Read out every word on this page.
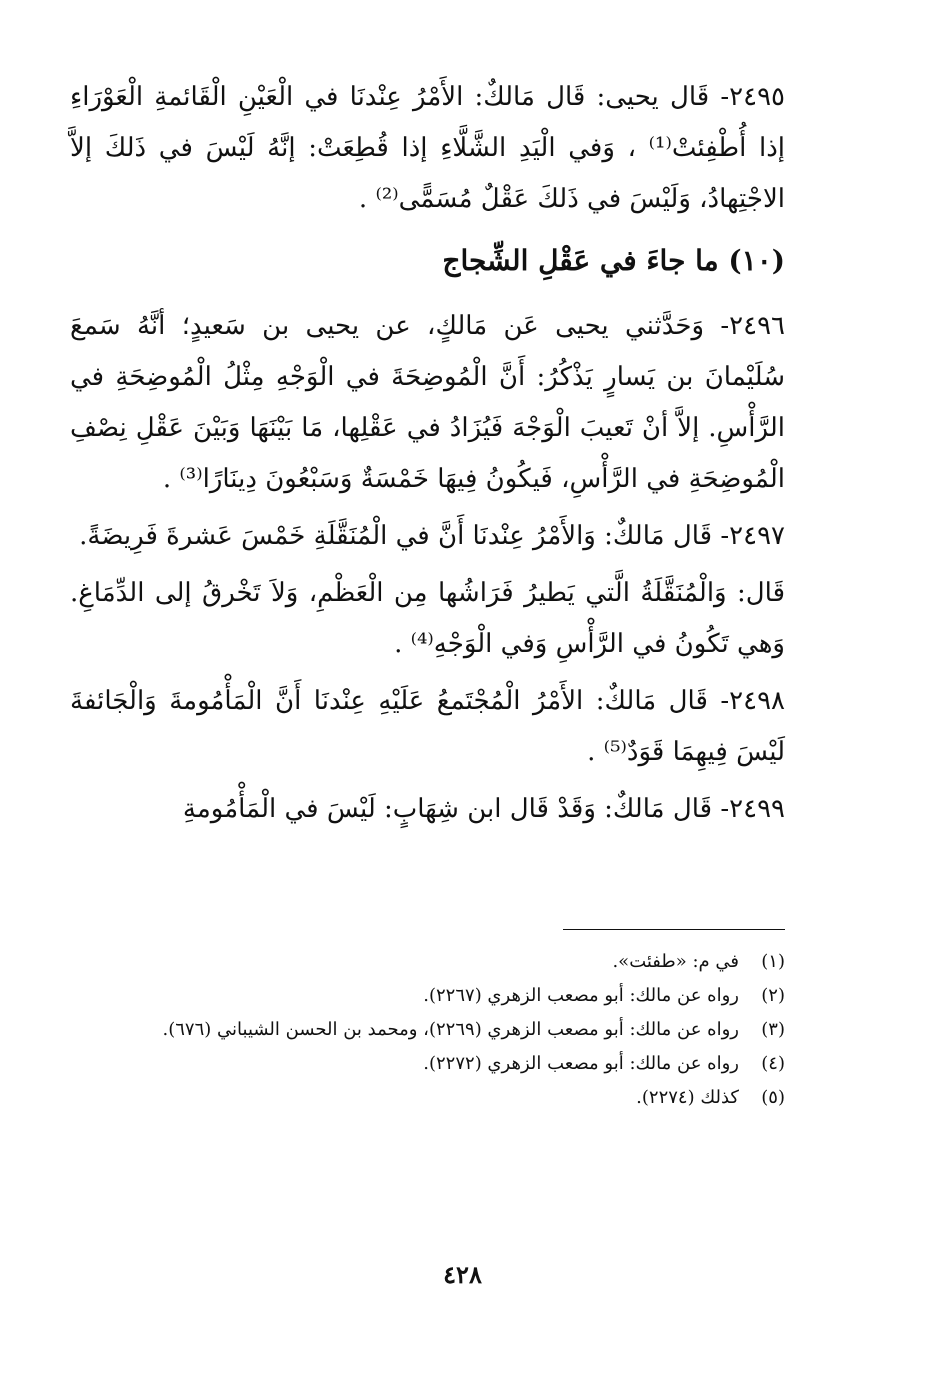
٢٤٩٥- قَال يحيى: قَال مَالكٌ: الأَمْرُ عِنْدنَا في الْعَيْنِ الْقَائمةِ الْعَوْرَاءِ إذا أُطْفِئتْ⁽¹⁾ ، وَفي الْيَدِ الشَّلَّاءِ إذا قُطِعَتْ: إنَّهُ لَيْسَ في ذَلكَ إلاَّ الاجْتِهادُ، وَلَيْسَ في ذَلكَ عَقْلٌ مُسَمًّى⁽²⁾ .

(١٠) ما جاءَ في عَقْلِ الشِّجاج

٢٤٩٦- وَحَدَّثني يحيى عَن مَالكٍ، عن يحيى بن سَعيدٍ؛ أنَّهُ سَمعَ سُلَيْمانَ بن يَسارٍ يَذْكُرُ: أَنَّ الْمُوضِحَةَ في الْوَجْهِ مِثْلُ الْمُوضِحَةِ في الرَّأْسِ. إلاَّ أنْ تَعيبَ الْوَجْهَ فَيُزَادُ في عَقْلِها، مَا بَيْنَهَا وَبَيْنَ عَقْلِ نِصْفِ الْمُوضِحَةِ في الرَّأْسِ، فَيكُونُ فِيهَا خَمْسَةٌ وَسَبْعُونَ دِينَارًا⁽³⁾ .

٢٤٩٧- قَال مَالكٌ: وَالأَمْرُ عِنْدنَا أَنَّ في الْمُنَقَّلَةِ خَمْسَ عَشرةَ فَرِيضَةً.

قَال: وَالْمُنَقَّلَةُ الَّتي يَطيرُ فَرَاشُها مِن الْعَظْمِ، وَلاَ تَخْرقُ إلى الدِّمَاغِ. وَهي تَكُونُ في الرَّأْسِ وَفي الْوَجْهِ⁽⁴⁾ .

٢٤٩٨- قَال مَالكٌ: الأَمْرُ الْمُجْتَمعُ عَلَيْهِ عِنْدنَا أَنَّ الْمَأْمُومةَ وَالْجَائفةَ لَيْسَ فِيهِمَا قَوَدٌ⁽⁵⁾ .

٢٤٩٩- قَال مَالكٌ: وَقَدْ قَال ابن شِهَابٍ: لَيْسَ في الْمَأْمُومةِ

(١)
في م: «طفئت».
(٢)
رواه عن مالك: أبو مصعب الزهري (٢٢٦٧).
(٣)
رواه عن مالك: أبو مصعب الزهري (٢٢٦٩)، ومحمد بن الحسن الشيباني (٦٧٦).
(٤)
رواه عن مالك: أبو مصعب الزهري (٢٢٧٢).
(٥)
كذلك (٢٢٧٤).
٤٢٨
